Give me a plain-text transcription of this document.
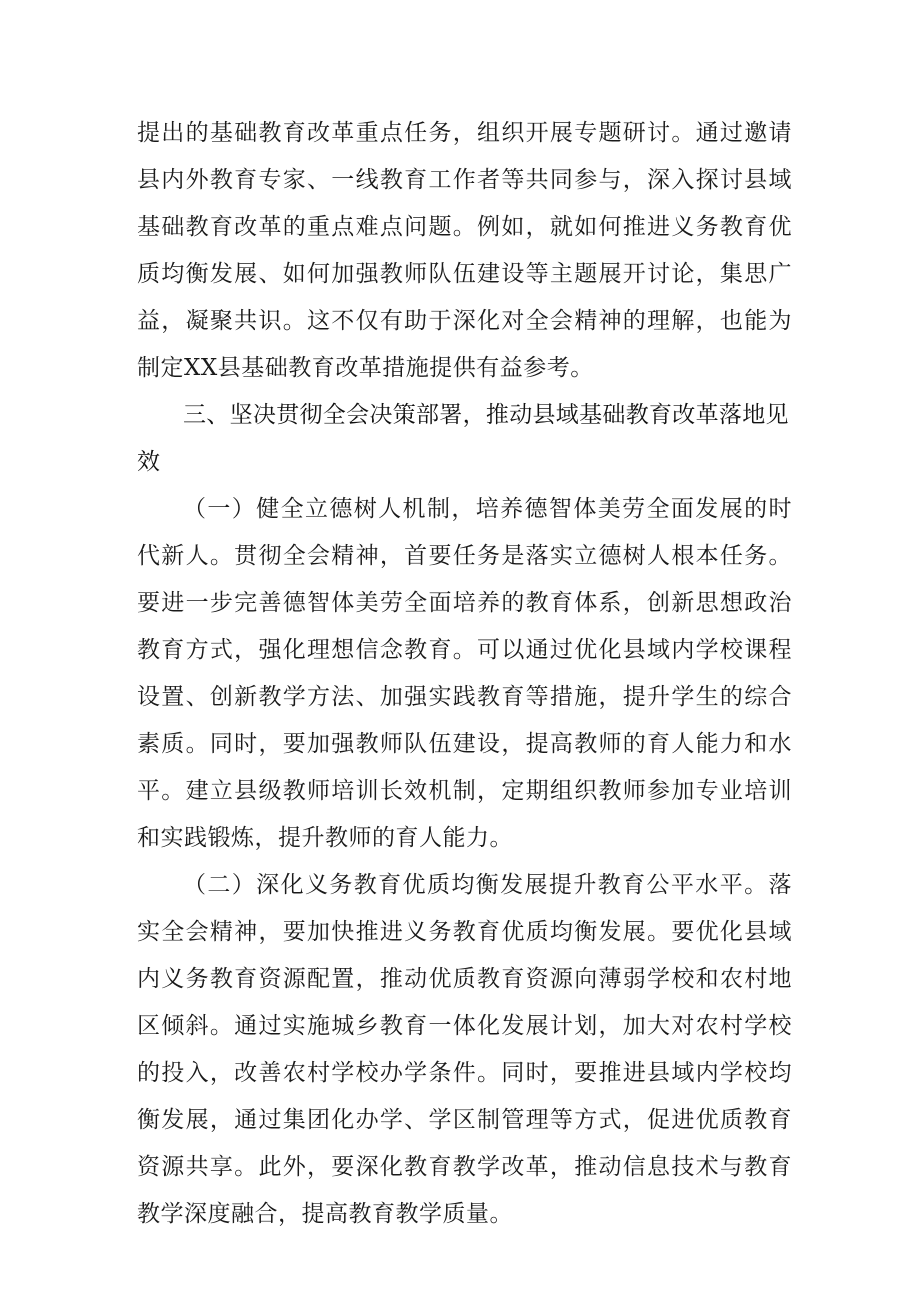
提出的基础教育改革重点任务，组织开展专题研讨。通过邀请县内外教育专家、一线教育工作者等共同参与，深入探讨县域基础教育改革的重点难点问题。例如，就如何推进义务教育优质均衡发展、如何加强教师队伍建设等主题展开讨论，集思广益，凝聚共识。这不仅有助于深化对全会精神的理解，也能为制定XX县基础教育改革措施提供有益参考。

三、坚决贯彻全会决策部署，推动县域基础教育改革落地见效

（一）健全立德树人机制，培养德智体美劳全面发展的时代新人。贯彻全会精神，首要任务是落实立德树人根本任务。要进一步完善德智体美劳全面培养的教育体系，创新思想政治教育方式，强化理想信念教育。可以通过优化县域内学校课程设置、创新教学方法、加强实践教育等措施，提升学生的综合素质。同时，要加强教师队伍建设，提高教师的育人能力和水平。建立县级教师培训长效机制，定期组织教师参加专业培训和实践锻炼，提升教师的育人能力。

（二）深化义务教育优质均衡发展提升教育公平水平。落实全会精神，要加快推进义务教育优质均衡发展。要优化县域内义务教育资源配置，推动优质教育资源向薄弱学校和农村地区倾斜。通过实施城乡教育一体化发展计划，加大对农村学校的投入，改善农村学校办学条件。同时，要推进县域内学校均衡发展，通过集团化办学、学区制管理等方式，促进优质教育资源共享。此外，要深化教育教学改革，推动信息技术与教育教学深度融合，提高教育教学质量。
